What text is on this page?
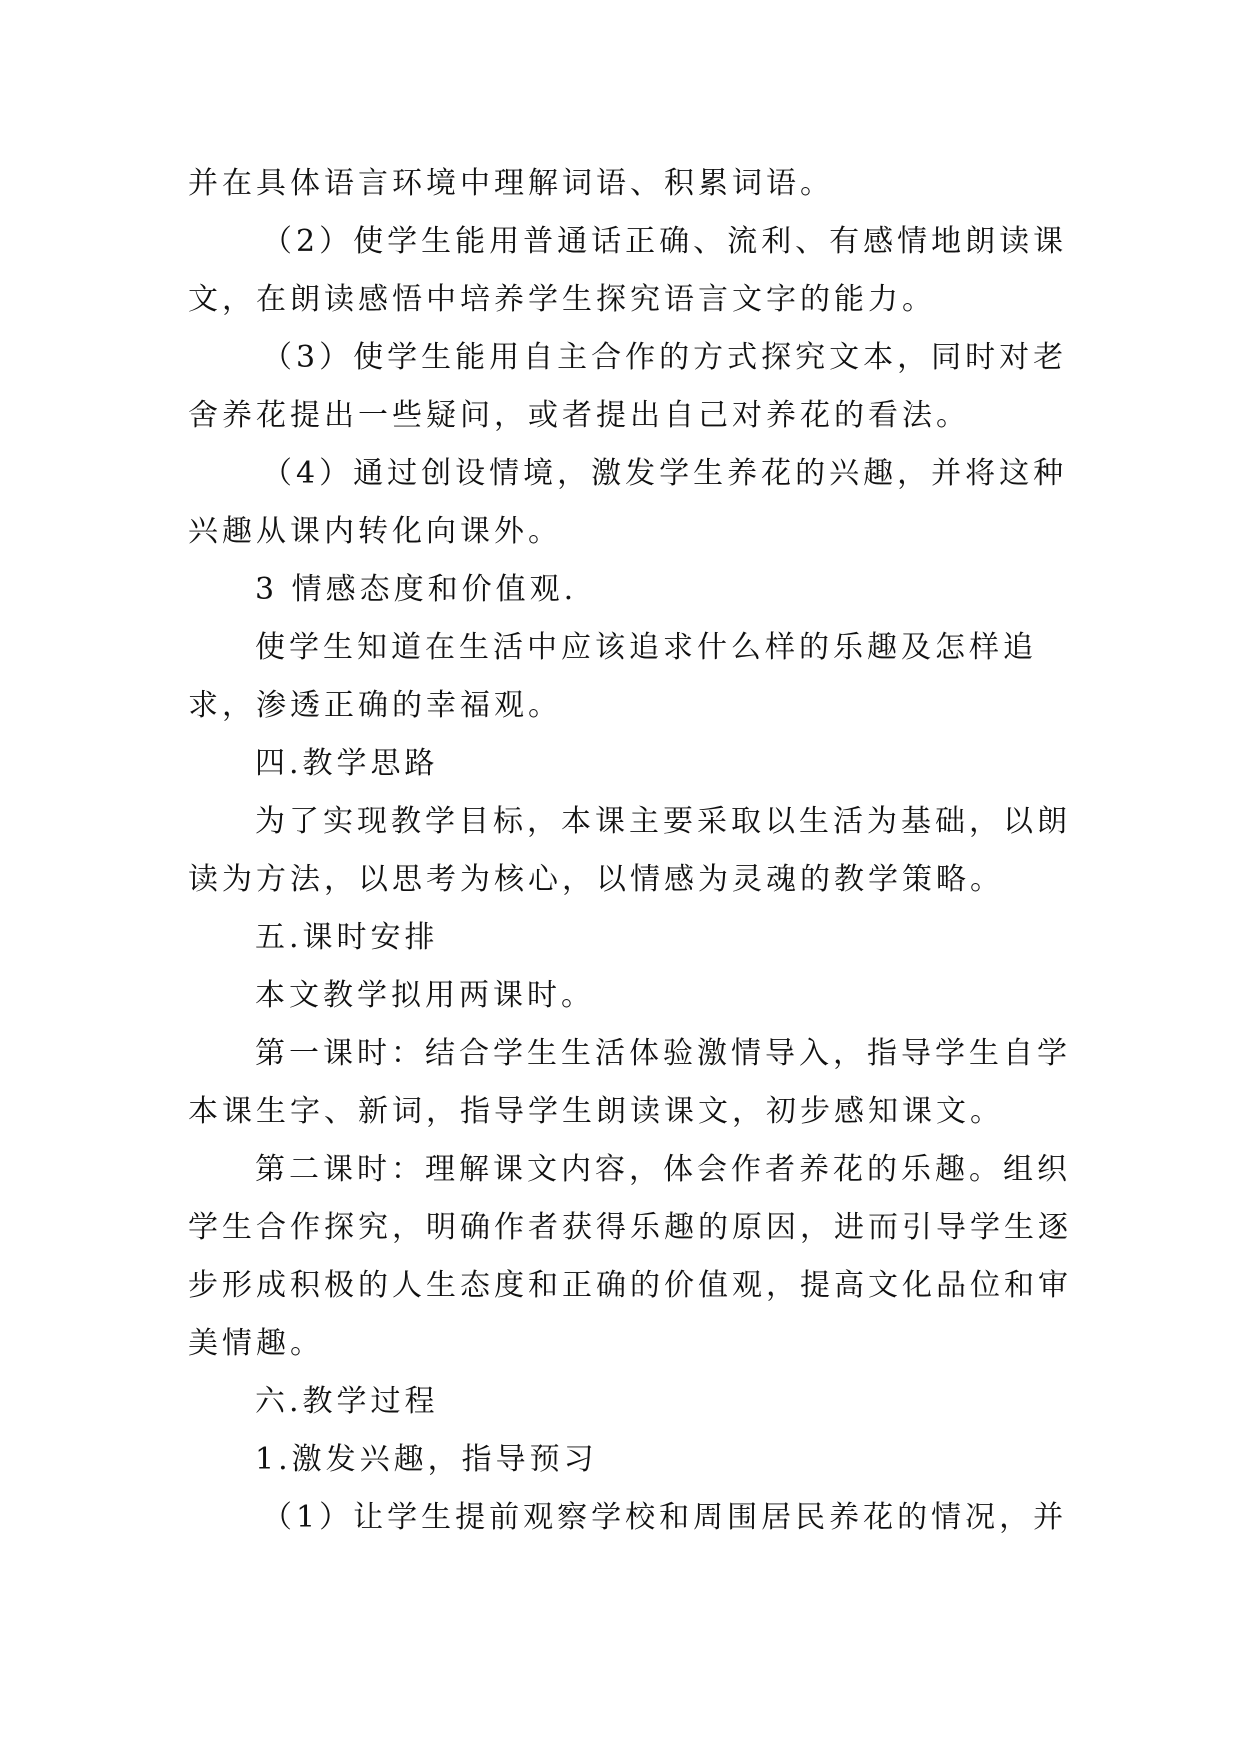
并在具体语言环境中理解词语、积累词语。
（2）使学生能用普通话正确、流利、有感情地朗读课
文，在朗读感悟中培养学生探究语言文字的能力。
（3）使学生能用自主合作的方式探究文本，同时对老
舍养花提出一些疑问，或者提出自己对养花的看法。
（4）通过创设情境，激发学生养花的兴趣，并将这种
兴趣从课内转化向课外。
3 情感态度和价值观.
使学生知道在生活中应该追求什么样的乐趣及怎样追
求，渗透正确的幸福观。
四.教学思路
为了实现教学目标，本课主要采取以生活为基础，以朗
读为方法，以思考为核心，以情感为灵魂的教学策略。
五.课时安排
本文教学拟用两课时。
第一课时：结合学生生活体验激情导入，指导学生自学
本课生字、新词，指导学生朗读课文，初步感知课文。
第二课时：理解课文内容，体会作者养花的乐趣。组织
学生合作探究，明确作者获得乐趣的原因，进而引导学生逐
步形成积极的人生态度和正确的价值观，提高文化品位和审
美情趣。
六.教学过程
1.激发兴趣，指导预习
（1）让学生提前观察学校和周围居民养花的情况，并
